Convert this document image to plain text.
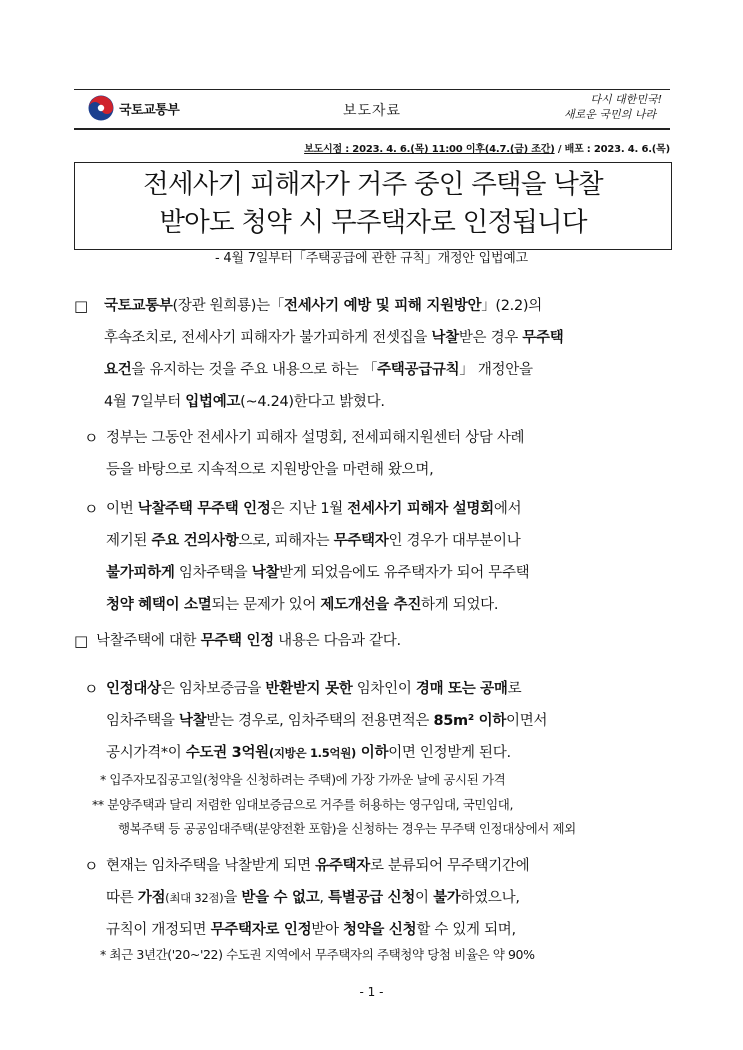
국토교통부	보도자료
다시 대한민국!
새로운 국민의 나라
보도시점 : 2023. 4. 6.(목) 11:00 이후(4.7.(금) 조간) / 배포 : 2023. 4. 6.(목)
전세사기 피해자가 거주 중인 주택을 낙찰
받아도 청약 시 무주택자로 인정됩니다
- 4월 7일부터「주택공급에 관한 규칙」개정안 입법예고
□ 국토교통부(장관 원희룡)는「전세사기 예방 및 피해 지원방안」(2.2)의
후속조치로, 전세사기 피해자가 불가피하게 전셋집을 낙찰받은 경우 무주택
요건을 유지하는 것을 주요 내용으로 하는 「주택공급규칙」 개정안을
4월 7일부터 입법예고(~4.24)한다고 밝혔다.
ㅇ 정부는 그동안 전세사기 피해자 설명회, 전세피해지원센터 상담 사례
등을 바탕으로 지속적으로 지원방안을 마련해 왔으며,
ㅇ 이번 낙찰주택 무주택 인정은 지난 1월 전세사기 피해자 설명회에서
제기된 주요 건의사항으로, 피해자는 무주택자인 경우가 대부분이나
불가피하게 임차주택을 낙찰받게 되었음에도 유주택자가 되어 무주택
청약 혜택이 소멸되는 문제가 있어 제도개선을 추진하게 되었다.
□ 낙찰주택에 대한 무주택 인정 내용은 다음과 같다.
ㅇ 인정대상은 임차보증금을 반환받지 못한 임차인이 경매 또는 공매로
임차주택을 낙찰받는 경우로, 임차주택의 전용면적은 85m² 이하이면서
공시가격*이 수도권 3억원(지방은 1.5억원) 이하이면 인정받게 된다.
* 입주자모집공고일(청약을 신청하려는 주택)에 가장 가까운 날에 공시된 가격
** 분양주택과 달리 저렴한 임대보증금으로 거주를 허용하는 영구임대, 국민임대,
행복주택 등 공공임대주택(분양전환 포함)을 신청하는 경우는 무주택 인정대상에서 제외
ㅇ 현재는 임차주택을 낙찰받게 되면 유주택자로 분류되어 무주택기간에
따른 가점(최대 32점)을 받을 수 없고, 특별공급 신청이 불가하였으나,
규칙이 개정되면 무주택자로 인정받아 청약을 신청할 수 있게 되며,
* 최근 3년간('20~'22) 수도권 지역에서 무주택자의 주택청약 당첨 비율은 약 90%
- 1 -
